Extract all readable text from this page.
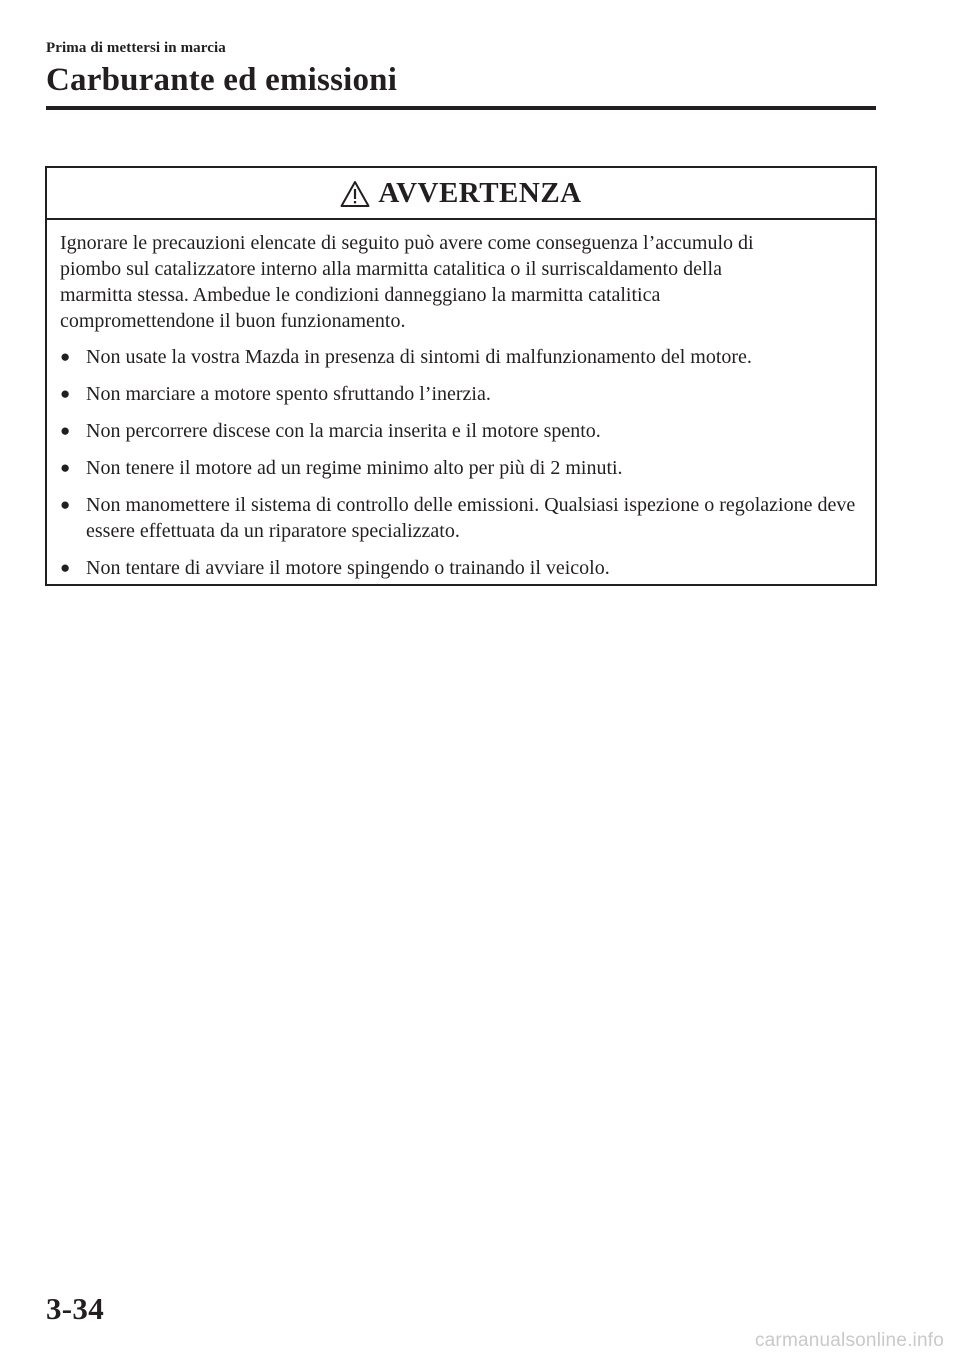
Prima di mettersi in marcia
Carburante ed emissioni
AVVERTENZA

Ignorare le precauzioni elencate di seguito può avere come conseguenza l’accumulo di
piombo sul catalizzatore interno alla marmitta catalitica o il surriscaldamento della
marmitta stessa. Ambedue le condizioni danneggiano la marmitta catalitica
compromettendone il buon funzionamento.

● Non usate la vostra Mazda in presenza di sintomi di malfunzionamento del motore.
● Non marciare a motore spento sfruttando l’inerzia.
● Non percorrere discese con la marcia inserita e il motore spento.
● Non tenere il motore ad un regime minimo alto per più di 2 minuti.
● Non manomettere il sistema di controllo delle emissioni. Qualsiasi ispezione o regolazione deve essere effettuata da un riparatore specializzato.
● Non tentare di avviare il motore spingendo o trainando il veicolo.
3-34
carmanualsonline.info
